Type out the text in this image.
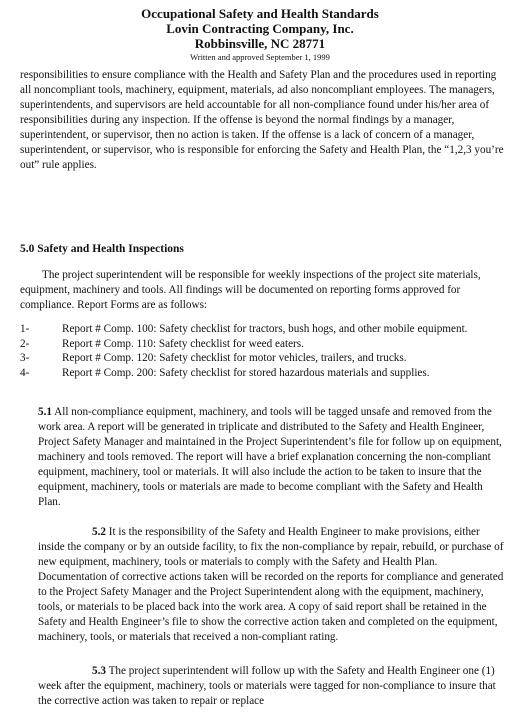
Occupational Safety and Health Standards
Lovin Contracting Company, Inc.
Robbinsville, NC 28771
Written and approved September 1, 1999

responsibilities to ensure compliance with the Health and Safety Plan and the procedures used in reporting all noncompliant tools, machinery, equipment, materials, ad also noncompliant employees. The managers, superintendents, and supervisors are held accountable for all non-compliance found under his/her area of responsibilities during any inspection. If the offense is beyond the normal findings by a manager, superintendent, or supervisor, then no action is taken. If the offense is a lack of concern of a manager, superintendent, or supervisor, who is responsible for enforcing the Safety and Health Plan, the “1,2,3 you’re out” rule applies.

5.0 Safety and Health Inspections

The project superintendent will be responsible for weekly inspections of the project site materials, equipment, machinery and tools. All findings will be documented on reporting forms approved for compliance. Report Forms are as follows:

1-	Report # Comp. 100: Safety checklist for tractors, bush hogs, and other mobile equipment.
2-	Report # Comp. 110: Safety checklist for weed eaters.
3-	Report # Comp. 120: Safety checklist for motor vehicles, trailers, and trucks.
4-	Report # Comp. 200: Safety checklist for stored hazardous materials and supplies.

5.1 All non-compliance equipment, machinery, and tools will be tagged unsafe and removed from the work area. A report will be generated in triplicate and distributed to the Safety and Health Engineer, Project Safety Manager and maintained in the Project Superintendent’s file for follow up on equipment, machinery and tools removed. The report will have a brief explanation concerning the non-compliant equipment, machinery, tool or materials. It will also include the action to be taken to insure that the equipment, machinery, tools or materials are made to become compliant with the Safety and Health Plan.

5.2 It is the responsibility of the Safety and Health Engineer to make provisions, either inside the company or by an outside facility, to fix the non-compliance by repair, rebuild, or purchase of new equipment, machinery, tools or materials to comply with the Safety and Health Plan. Documentation of corrective actions taken will be recorded on the reports for compliance and generated to the Project Safety Manager and the Project Superintendent along with the equipment, machinery, tools, or materials to be placed back into the work area. A copy of said report shall be retained in the Safety and Health Engineer’s file to show the corrective action taken and completed on the equipment, machinery, tools, or materials that received a non-compliant rating.

5.3 The project superintendent will follow up with the Safety and Health Engineer one (1) week after the equipment, machinery, tools or materials were tagged for non-compliance to insure that the corrective action was taken to repair or replace
